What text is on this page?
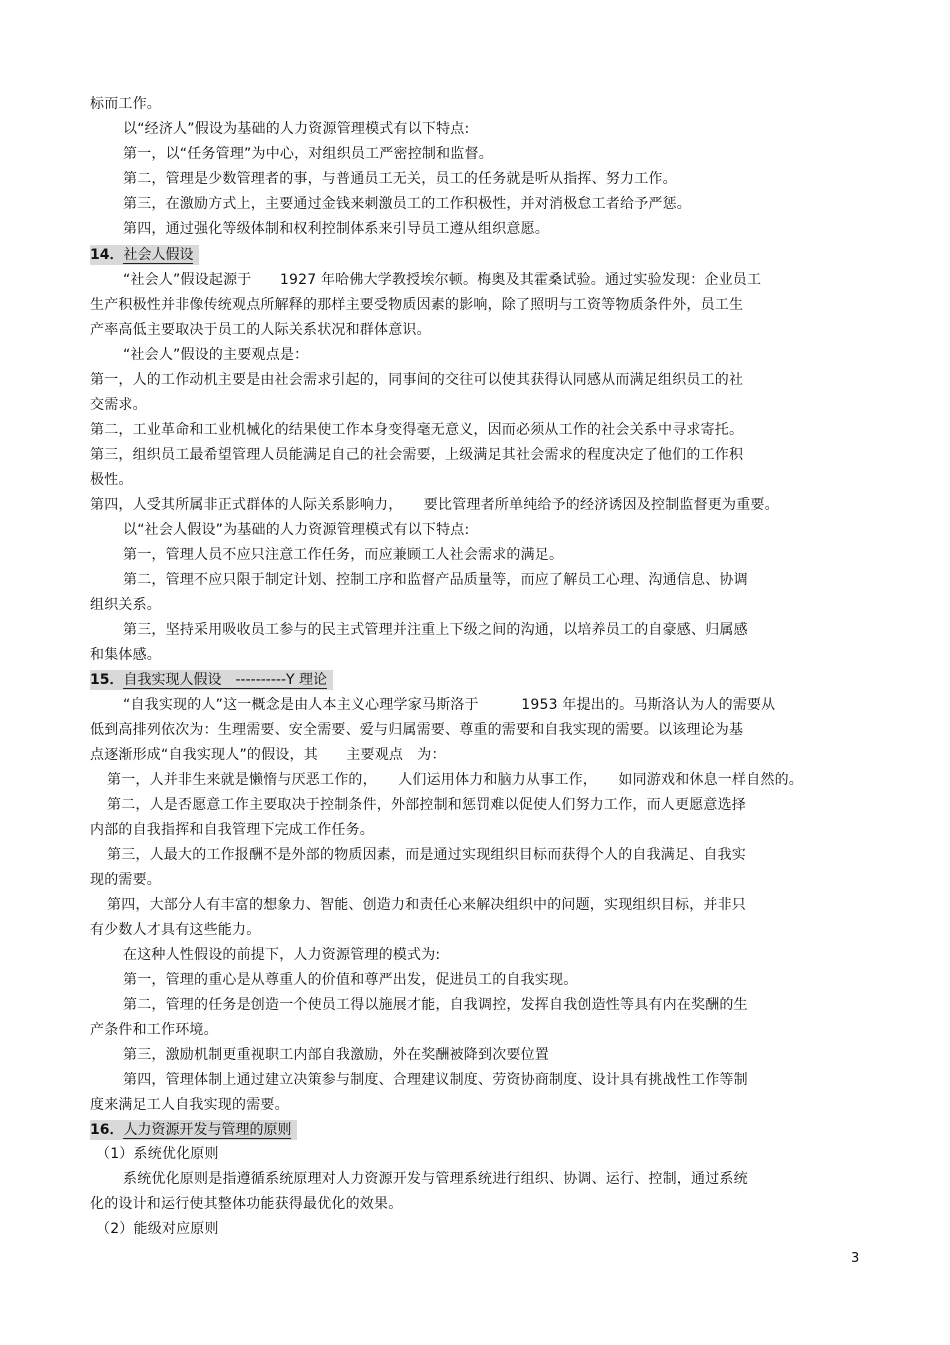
标而工作。
以“经济人”假设为基础的人力资源管理模式有以下特点:
第一，以“任务管理”为中心，对组织员工严密控制和监督。
第二，管理是少数管理者的事，与普通员工无关，员工的任务就是听从指挥、努力工作。
第三，在激励方式上，主要通过金钱来刺激员工的工作积极性，并对消极怠工者给予严惩。
第四，通过强化等级体制和权利控制体系来引导员工遵从组织意愿。
14．社会人假设
“社会人”假设起源于　　1927 年哈佛大学教授埃尔顿。梅奥及其霍桑试验。通过实验发现：企业员工
生产积极性并非像传统观点所解释的那样主要受物质因素的影响，除了照明与工资等物质条件外，员工生
产率高低主要取决于员工的人际关系状况和群体意识。
“社会人”假设的主要观点是：
第一，人的工作动机主要是由社会需求引起的，同事间的交往可以使其获得认同感从而满足组织员工的社
交需求。
第二，工业革命和工业机械化的结果使工作本身变得毫无意义，因而必须从工作的社会关系中寻求寄托。
第三，组织员工最希望管理人员能满足自己的社会需要，上级满足其社会需求的程度决定了他们的工作积
极性。
第四，人受其所属非正式群体的人际关系影响力，　　要比管理者所单纯给予的经济诱因及控制监督更为重要。
以“社会人假设”为基础的人力资源管理模式有以下特点:
第一，管理人员不应只注意工作任务，而应兼顾工人社会需求的满足。
第二，管理不应只限于制定计划、控制工序和监督产品质量等，而应了解员工心理、沟通信息、协调
组织关系。
第三，坚持采用吸收员工参与的民主式管理并注重上下级之间的沟通，以培养员工的自豪感、归属感
和集体感。
15．自我实现人假设　----------Y 理论
“自我实现的人”这一概念是由人本主义心理学家马斯洛于　　　1953 年提出的。马斯洛认为人的需要从
低到高排列依次为：生理需要、安全需要、爱与归属需要、尊重的需要和自我实现的需要。以该理论为基
点逐渐形成“自我实现人”的假设，其　　主要观点　为：
第一，人并非生来就是懒惰与厌恶工作的，　　人们运用体力和脑力从事工作，　　如同游戏和休息一样自然的。
第二，人是否愿意工作主要取决于控制条件，外部控制和惩罚难以促使人们努力工作，而人更愿意选择
内部的自我指挥和自我管理下完成工作任务。
第三，人最大的工作报酬不是外部的物质因素，而是通过实现组织目标而获得个人的自我满足、自我实
现的需要。
第四，大部分人有丰富的想象力、智能、创造力和责任心来解决组织中的问题，实现组织目标，并非只
有少数人才具有这些能力。
在这种人性假设的前提下，人力资源管理的模式为:
第一，管理的重心是从尊重人的价值和尊严出发，促进员工的自我实现。
第二，管理的任务是创造一个使员工得以施展才能，自我调控，发挥自我创造性等具有内在奖酬的生
产条件和工作环境。
第三，激励机制更重视职工内部自我激励，外在奖酬被降到次要位置
第四，管理体制上通过建立决策参与制度、合理建议制度、劳资协商制度、设计具有挑战性工作等制
度来满足工人自我实现的需要。
16．人力资源开发与管理的原则
（1）系统优化原则
系统优化原则是指遵循系统原理对人力资源开发与管理系统进行组织、协调、运行、控制，通过系统
化的设计和运行使其整体功能获得最优化的效果。
（2）能级对应原则
3
